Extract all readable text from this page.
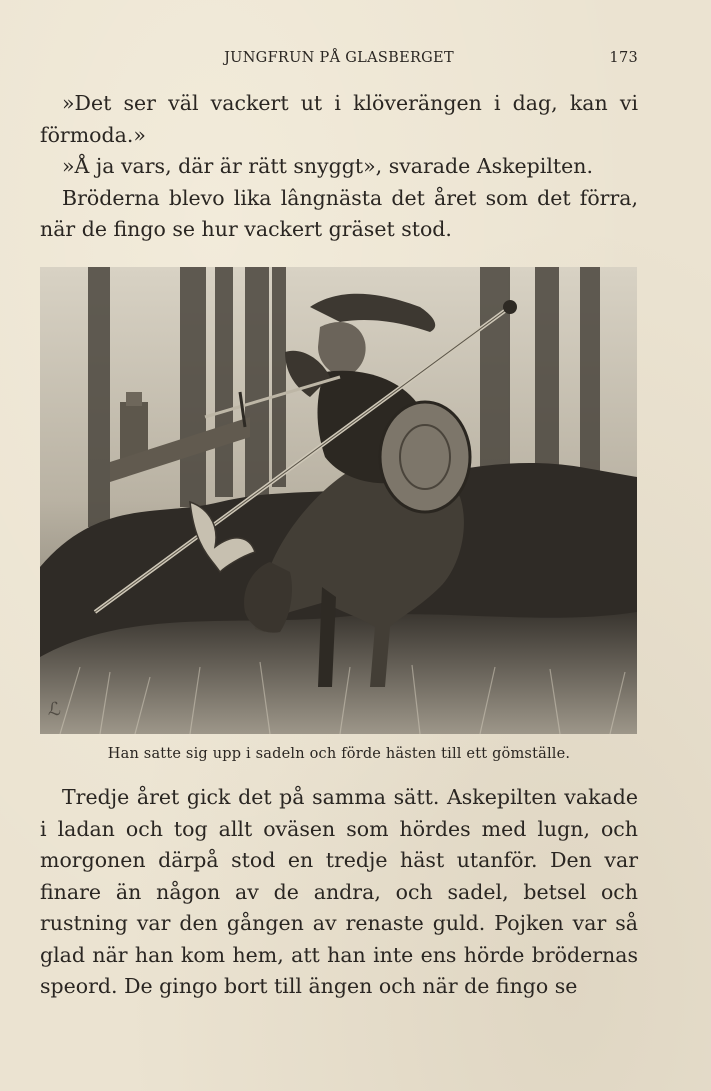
JUNGFRUN PÅ GLASBERGET	173

»Det ser väl vackert ut i klöverängen i dag, kan vi förmoda.»

»Å ja vars, där är rätt snyggt», svarade Askepilten.

Bröderna blevo lika lângnästa det året som det förra, när de fingo se hur vackert gräset stod.

ℒ
Han satte sig upp i sadeln och förde hästen till ett gömställe.

Tredje året gick det på samma sätt. Askepilten vakade i ladan och tog allt oväsen som hördes med lugn, och morgonen därpå stod en tredje häst utanför. Den var finare än någon av de andra, och sadel, betsel och rustning var den gången av renaste guld. Pojken var så glad när han kom hem, att han inte ens hörde brödernas speord. De gingo bort till ängen och när de fingo se
